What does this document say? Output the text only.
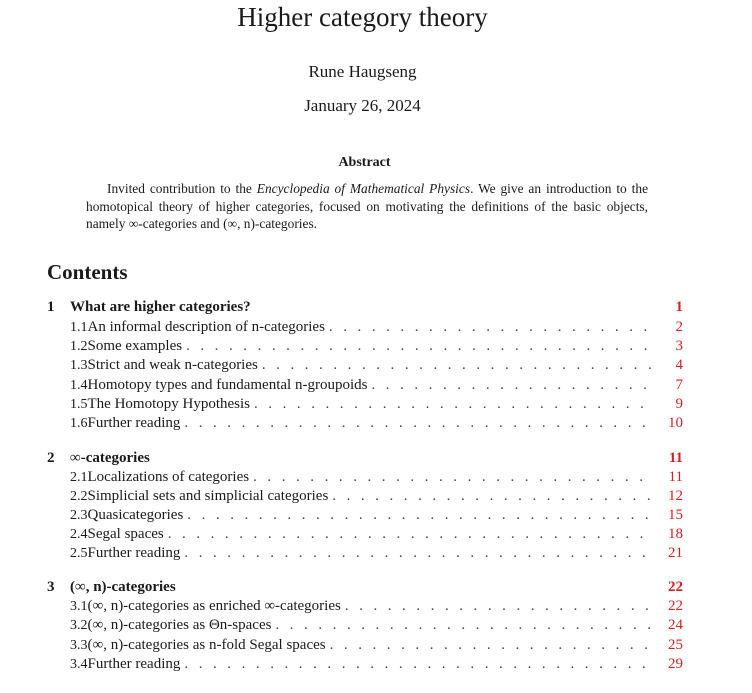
Higher category theory
Rune Haugseng
January 26, 2024
Abstract
Invited contribution to the Encyclopedia of Mathematical Physics. We give an introduction to the homotopical theory of higher categories, focused on motivating the definitions of the basic objects, namely ∞-categories and (∞, n)-categories.
Contents
1	What are higher categories?	1
1.1 An informal description of n-categories . . .	2
1.2 Some examples . . .	3
1.3 Strict and weak n-categories . . .	4
1.4 Homotopy types and fundamental n-groupoids . . .	7
1.5 The Homotopy Hypothesis . . .	9
1.6 Further reading . . .	10
2	∞-categories	11
2.1 Localizations of categories . . .	11
2.2 Simplicial sets and simplicial categories . . .	12
2.3 Quasicategories . . .	15
2.4 Segal spaces . . .	18
2.5 Further reading . . .	21
3	(∞, n)-categories	22
3.1 (∞, n)-categories as enriched ∞-categories . . .	22
3.2 (∞, n)-categories as Θn-spaces . . .	24
3.3 (∞, n)-categories as n-fold Segal spaces . . .	25
3.4 Further reading . . .	29
